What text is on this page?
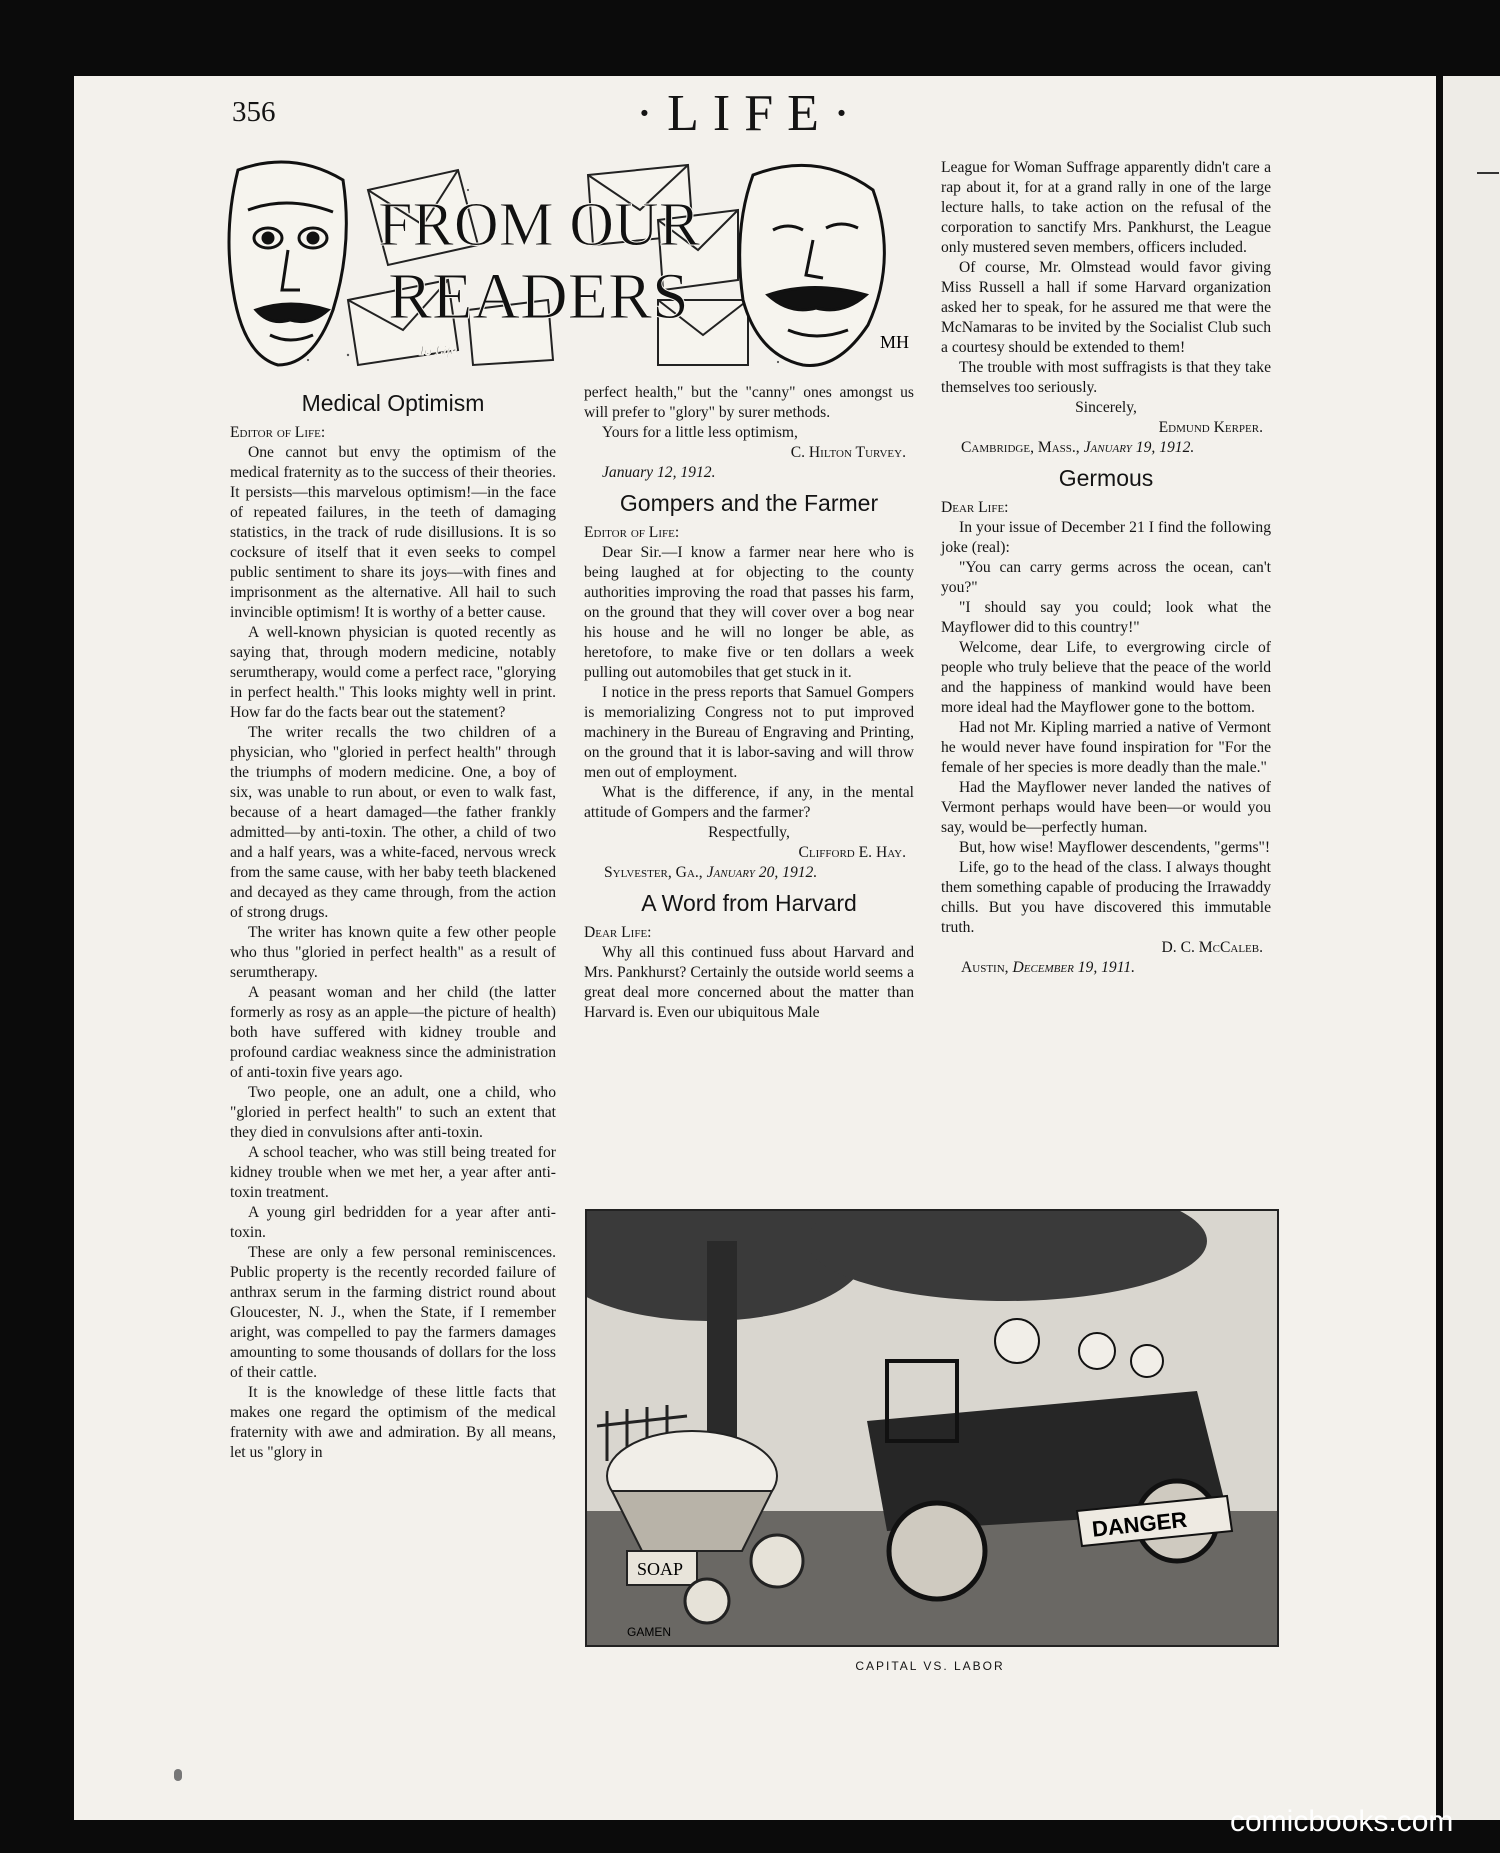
356	·LIFE·
FROM OUR
READERS
To Life	MH
Medical Optimism

Editor of Life:

One cannot but envy the optimism of the medical fraternity as to the success of their theories. It persists—this marvelous optimism!—in the face of repeated failures, in the teeth of damaging statistics, in the track of rude disillusions. It is so cocksure of itself that it even seeks to compel public sentiment to share its joys—with fines and imprisonment as the alternative. All hail to such invincible optimism! It is worthy of a better cause.

A well-known physician is quoted recently as saying that, through modern medicine, notably serumtherapy, would come a perfect race, "glorying in perfect health." This looks mighty well in print. How far do the facts bear out the statement?

The writer recalls the two children of a physician, who "gloried in perfect health" through the triumphs of modern medicine. One, a boy of six, was unable to run about, or even to walk fast, because of a heart damaged—the father frankly admitted—by anti-toxin. The other, a child of two and a half years, was a white-faced, nervous wreck from the same cause, with her baby teeth blackened and decayed as they came through, from the action of strong drugs.

The writer has known quite a few other people who thus "gloried in perfect health" as a result of serumtherapy.

A peasant woman and her child (the latter formerly as rosy as an apple—the picture of health) both have suffered with kidney trouble and profound cardiac weakness since the administration of anti-toxin five years ago.

Two people, one an adult, one a child, who "gloried in perfect health" to such an extent that they died in convulsions after anti-toxin.

A school teacher, who was still being treated for kidney trouble when we met her, a year after anti-toxin treatment.

A young girl bedridden for a year after anti-toxin.

These are only a few personal reminiscences. Public property is the recently recorded failure of anthrax serum in the farming district round about Gloucester, N. J., when the State, if I remember aright, was compelled to pay the farmers damages amounting to some thousands of dollars for the loss of their cattle.

It is the knowledge of these little facts that makes one regard the optimism of the medical fraternity with awe and admiration. By all means, let us "glory in

perfect health," but the "canny" ones amongst us will prefer to "glory" by surer methods.

Yours for a little less optimism,

C. Hilton Turvey.

January 12, 1912.

Gompers and the Farmer

Editor of Life:

Dear Sir.—I know a farmer near here who is being laughed at for objecting to the county authorities improving the road that passes his farm, on the ground that they will cover over a bog near his house and he will no longer be able, as heretofore, to make five or ten dollars a week pulling out automobiles that get stuck in it.

I notice in the press reports that Samuel Gompers is memorializing Congress not to put improved machinery in the Bureau of Engraving and Printing, on the ground that it is labor-saving and will throw men out of employment.

What is the difference, if any, in the mental attitude of Gompers and the farmer?

Respectfully,

Clifford E. Hay.

Sylvester, Ga., January 20, 1912.

A Word from Harvard

Dear Life:

Why all this continued fuss about Harvard and Mrs. Pankhurst? Certainly the outside world seems a great deal more concerned about the matter than Harvard is. Even our ubiquitous Male

League for Woman Suffrage apparently didn't care a rap about it, for at a grand rally in one of the large lecture halls, to take action on the refusal of the corporation to sanctify Mrs. Pankhurst, the League only mustered seven members, officers included.

Of course, Mr. Olmstead would favor giving Miss Russell a hall if some Harvard organization asked her to speak, for he assured me that were the McNamaras to be invited by the Socialist Club such a courtesy should be extended to them!

The trouble with most suffragists is that they take themselves too seriously.

Sincerely,

Edmund Kerper.

Cambridge, Mass., January 19, 1912.

Germous

Dear Life:

In your issue of December 21 I find the following joke (real):

"You can carry germs across the ocean, can't you?"

"I should say you could; look what the Mayflower did to this country!"

Welcome, dear Life, to evergrowing circle of people who truly believe that the peace of the world and the happiness of mankind would have been more ideal had the Mayflower gone to the bottom.

Had not Mr. Kipling married a native of Vermont he would never have found inspiration for "For the female of her species is more deadly than the male."

Had the Mayflower never landed the natives of Vermont perhaps would have been—or would you say, would be—perfectly human.

But, how wise! Mayflower descendents, "germs"!

Life, go to the head of the class. I always thought them something capable of producing the Irrawaddy chills. But you have discovered this immutable truth.

D. C. McCaleb.

Austin, December 19, 1911.

SOAP
DANGER
GAMEN
CAPITAL VS. LABOR
comicbooks.com
